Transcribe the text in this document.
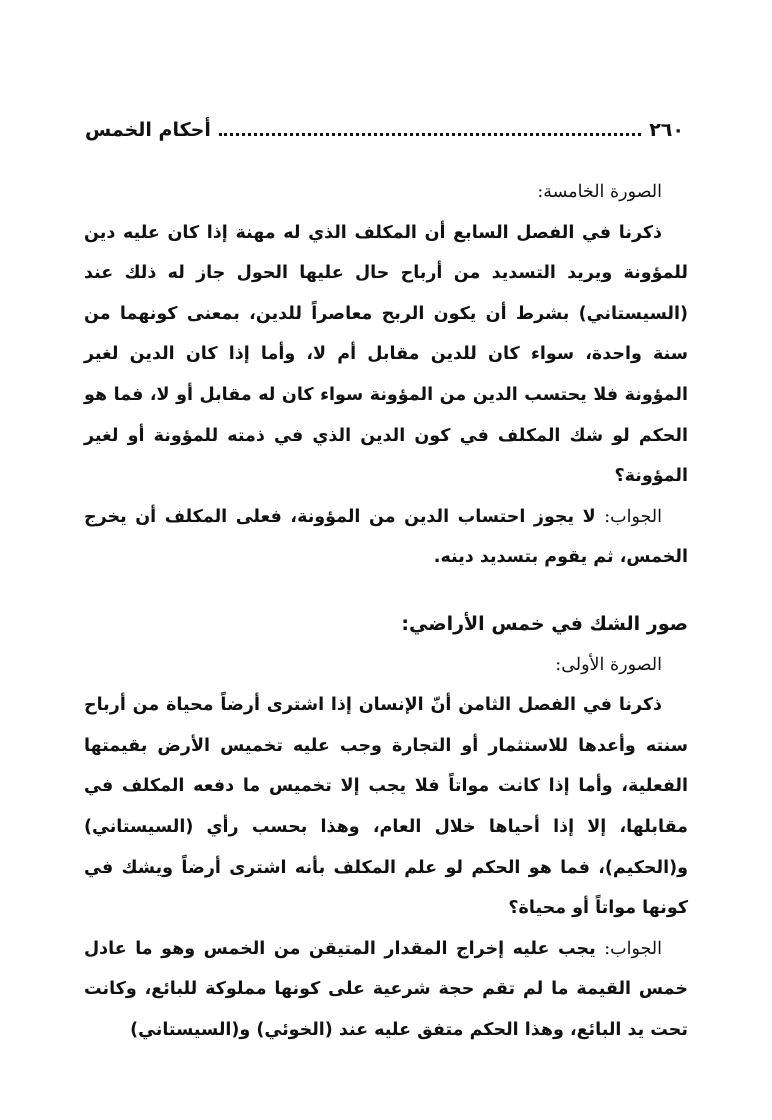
٢٦٠
أحكام الخمس

الصورة الخامسة:

ذكرنا في الفصل السابع أن المكلف الذي له مهنة إذا كان عليه دين للمؤونة ويريد التسديد من أرباح حال عليها الحول جاز له ذلك عند (السيستاني) بشرط أن يكون الربح معاصراً للدين، بمعنى كونهما من سنة واحدة، سواء كان للدين مقابل أم لا، وأما إذا كان الدين لغير المؤونة فلا يحتسب الدين من المؤونة سواء كان له مقابل أو لا، فما هو الحكم لو شك المكلف في كون الدين الذي في ذمته للمؤونة أو لغير المؤونة؟

الجواب: لا يجوز احتساب الدين من المؤونة، فعلى المكلف أن يخرج الخمس، ثم يقوم بتسديد دينه.

صور الشك في خمس الأراضي:

الصورة الأولى:

ذكرنا في الفصل الثامن أنّ الإنسان إذا اشترى أرضاً محياة من أرباح سنته وأعدها للاستثمار أو التجارة وجب عليه تخميس الأرض بقيمتها الفعلية، وأما إذا كانت مواتاً فلا يجب إلا تخميس ما دفعه المكلف في مقابلها، إلا إذا أحياها خلال العام، وهذا بحسب رأي (السيستاني) و(الحكيم)، فما هو الحكم لو علم المكلف بأنه اشترى أرضاً ويشك في كونها مواتاً أو محياة؟

الجواب: يجب عليه إخراج المقدار المتيقن من الخمس وهو ما عادل خمس القيمة ما لم تقم حجة شرعية على كونها مملوكة للبائع، وكانت تحت يد البائع، وهذا الحكم متفق عليه عند (الخوئي) و(السيستاني)
